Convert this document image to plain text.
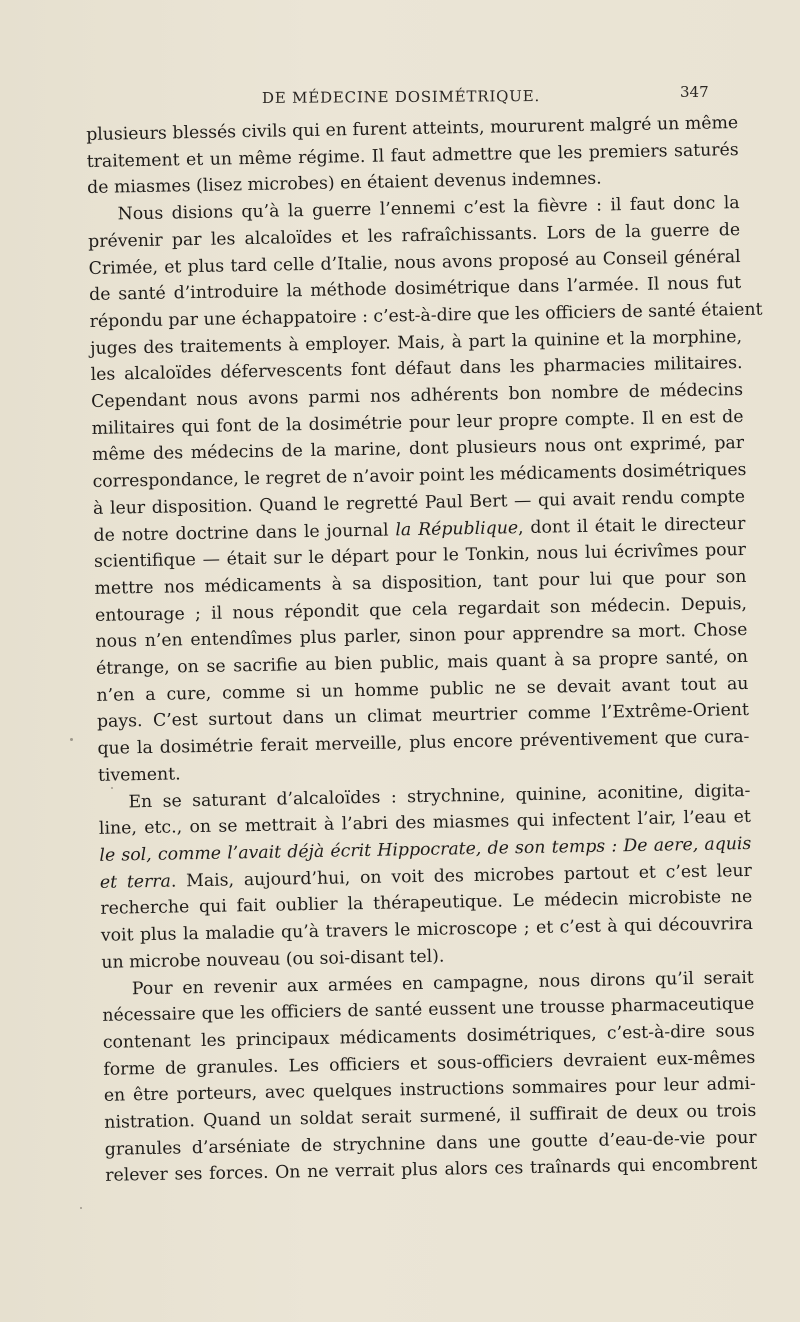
DE MÉDECINE DOSIMÉTRIQUE.	347

plusieurs blessés civils qui en furent atteints, moururent malgré un même
traitement et un même régime. Il faut admettre que les premiers saturés
de miasmes (lisez microbes) en étaient devenus indemnes.

Nous disions qu’à la guerre l’ennemi c’est la fièvre : il faut donc la
prévenir par les alcaloïdes et les rafraîchissants. Lors de la guerre de
Crimée, et plus tard celle d’Italie, nous avons proposé au Conseil général
de santé d’introduire la méthode dosimétrique dans l’armée. Il nous fut
répondu par une échappatoire : c’est-à-dire que les officiers de santé étaient
juges des traitements à employer. Mais, à part la quinine et la morphine,
les alcaloïdes défervescents font défaut dans les pharmacies militaires.
Cependant nous avons parmi nos adhérents bon nombre de médecins
militaires qui font de la dosimétrie pour leur propre compte. Il en est de
même des médecins de la marine, dont plusieurs nous ont exprimé, par
correspondance, le regret de n’avoir point les médicaments dosimétriques
à leur disposition. Quand le regretté Paul Bert — qui avait rendu compte
de notre doctrine dans le journal la République, dont il était le directeur
scientifique — était sur le départ pour le Tonkin, nous lui écrivîmes pour
mettre nos médicaments à sa disposition, tant pour lui que pour son
entourage ; il nous répondit que cela regardait son médecin. Depuis,
nous n’en entendîmes plus parler, sinon pour apprendre sa mort. Chose
étrange, on se sacrifie au bien public, mais quant à sa propre santé, on
n’en a cure, comme si un homme public ne se devait avant tout au
pays. C’est surtout dans un climat meurtrier comme l’Extrême-Orient
que la dosimétrie ferait merveille, plus encore préventivement que cura-
tivement.

En se saturant d’alcaloïdes : strychnine, quinine, aconitine, digita-
line, etc., on se mettrait à l’abri des miasmes qui infectent l’air, l’eau et
le sol, comme l’avait déjà écrit Hippocrate, de son temps : De aere, aquis
et terra. Mais, aujourd’hui, on voit des microbes partout et c’est leur
recherche qui fait oublier la thérapeutique. Le médecin microbiste ne
voit plus la maladie qu’à travers le microscope ; et c’est à qui découvrira
un microbe nouveau (ou soi-disant tel).

Pour en revenir aux armées en campagne, nous dirons qu’il serait
nécessaire que les officiers de santé eussent une trousse pharmaceutique
contenant les principaux médicaments dosimétriques, c’est-à-dire sous
forme de granules. Les officiers et sous-officiers devraient eux-mêmes
en être porteurs, avec quelques instructions sommaires pour leur admi-
nistration. Quand un soldat serait surmené, il suffirait de deux ou trois
granules d’arséniate de strychnine dans une goutte d’eau-de-vie pour
relever ses forces. On ne verrait plus alors ces traînards qui encombrent
